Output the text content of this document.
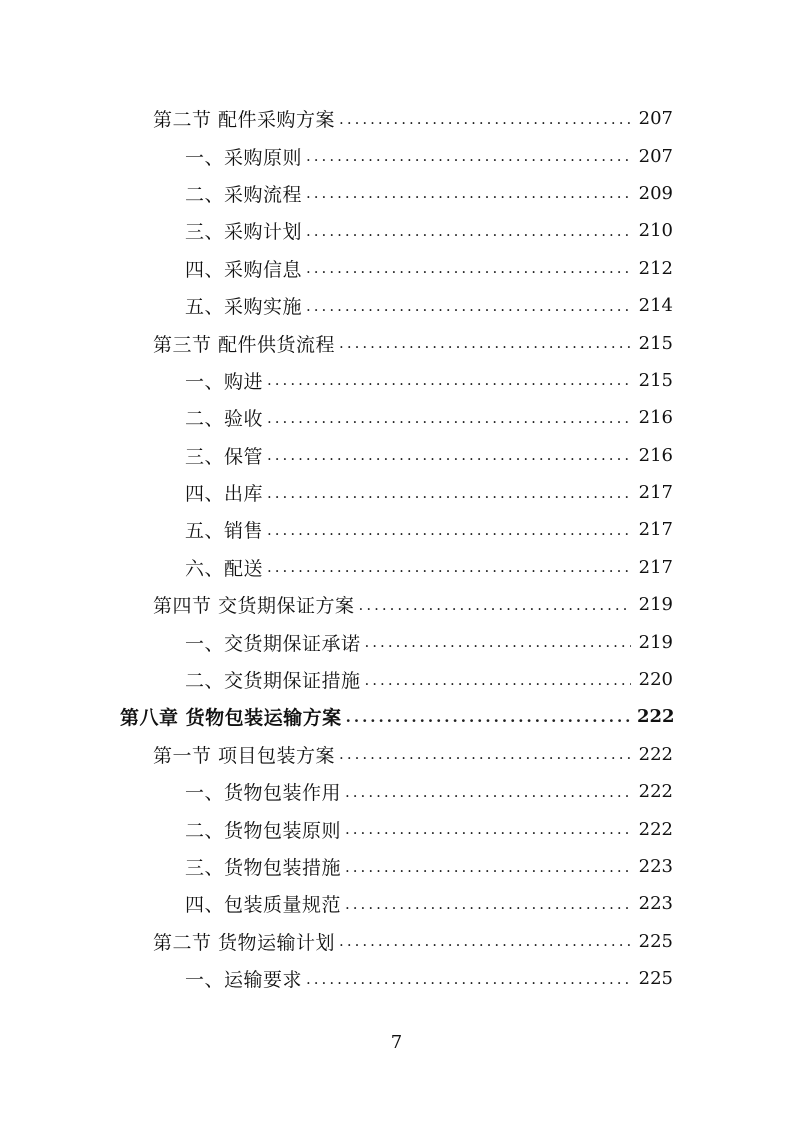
第二节 配件采购方案 .....	207
一、采购原则 .....	207
二、采购流程 .....	209
三、采购计划 .....	210
四、采购信息 .....	212
五、采购实施 .....	214
第三节 配件供货流程 .....	215
一、购进 .....	215
二、验收 .....	216
三、保管 .....	216
四、出库 .....	217
五、销售 .....	217
六、配送 .....	217
第四节 交货期保证方案 .....	219
一、交货期保证承诺 .....	219
二、交货期保证措施 .....	220
第八章 货物包装运输方案 .....	222
第一节 项目包装方案 .....	222
一、货物包装作用 .....	222
二、货物包装原则 .....	222
三、货物包装措施 .....	223
四、包装质量规范 .....	223
第二节 货物运输计划 .....	225
一、运输要求 .....	225
7
